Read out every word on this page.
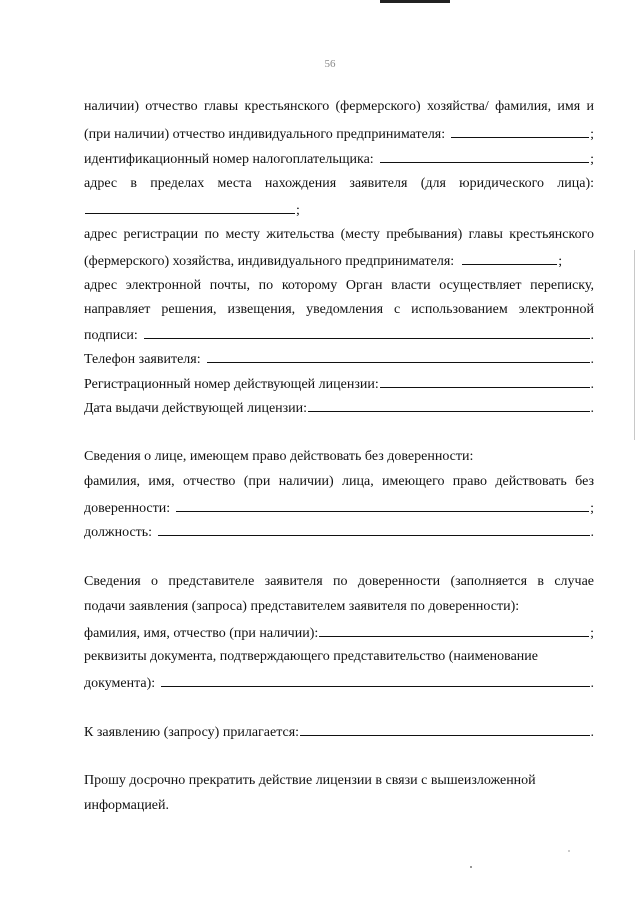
56
наличии) отчество главы крестьянского (фермерского) хозяйства/ фамилия, имя и
(при наличии) отчество индивидуального предпринимателя:	;
идентификационный номер налогоплательщика:	;
адрес в пределах места нахождения заявителя (для юридического лица):
;
адрес регистрации по месту жительства (месту пребывания) главы крестьянского
(фермерского) хозяйства, индивидуального предпринимателя:	;
адрес электронной почты, по которому Орган власти осуществляет переписку,
направляет решения, извещения, уведомления с использованием электронной
подписи:	.
Телефон заявителя:	.
Регистрационный номер действующей лицензии:	.
Дата выдачи действующей лицензии:	.
Сведения о лице, имеющем право действовать без доверенности:
фамилия, имя, отчество (при наличии) лица, имеющего право действовать без
доверенности:	;
должность:	.
Сведения о представителе заявителя по доверенности (заполняется в случае
подачи заявления (запроса) представителем заявителя по доверенности):
фамилия, имя, отчество (при наличии):	;
реквизиты документа, подтверждающего представительство (наименование
документа):	.
К заявлению (запросу) прилагается:	.
Прошу досрочно прекратить действие лицензии в связи с вышеизложенной
информацией.
